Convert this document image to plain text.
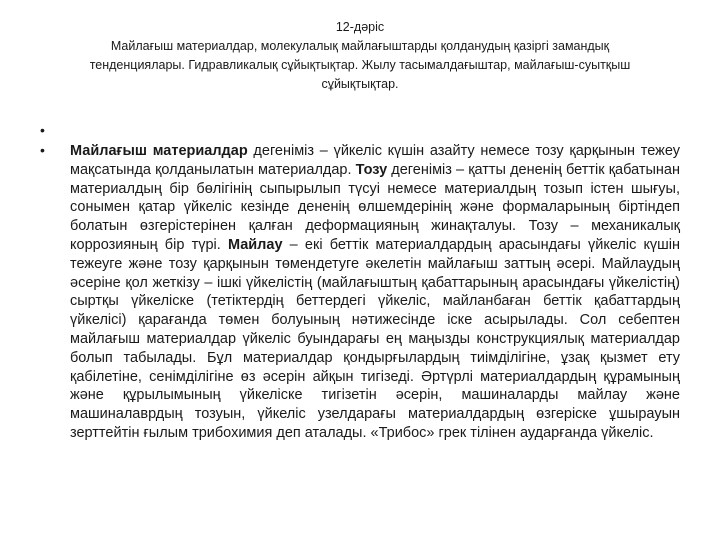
12-дәріс
Майлағыш материалдар, молекулалық майлағыштарды қолданудың қазіргі замандық
тенденциялары. Гидравликалық сұйықтықтар. Жылу тасымалдағыштар, майлағыш-суытқыш
сұйықтықтар.
•
• Майлағыш материалдар дегеніміз – үйкеліс күшін азайту немесе тозу қарқынын тежеу мақсатында қолданылатын материалдар. Тозу дегеніміз – қатты дененің беттік қабатынан материалдың бір бөлігінің сыпырылып түсуі немесе материалдың тозып істен шығуы, сонымен қатар үйкеліс кезінде дененің өлшемдерінің және формаларының біртіндеп болатын өзгерістерінен қалған деформацияның жинақталуы. Тозу – механикалық коррозияның бір түрі. Майлау – екі беттік материалдардың арасындағы үйкеліс күшін тежеуге және тозу қарқынын төмендетуге әкелетін майлағыш заттың әсері. Майлаудың әсеріне қол жеткізу – ішкі үйкелістің (майлағыштың қабаттарының арасындағы үйкелістің) сыртқы үйкеліске (тетіктердің беттердегі үйкеліс, майланбаған беттік қабаттардың үйкелісі) қарағанда төмен болуының нәтижесінде іске асырылады. Сол себептен майлағыш материалдар үйкеліс буындарағы ең маңызды конструкциялық материалдар болып табылады. Бұл материалдар қондырғылардың тиімділігіне, ұзақ қызмет ету қабілетіне, сенімділігіне өз әсерін айқын тигізеді. Әртүрлі материалдардың құрамының және құрылымының үйкеліске тигізетін әсерін, машиналарды майлау және машиналаврдың тозуын, үйкеліс узелдарағы материалдардың өзгеріске ұшырауын зерттейтін ғылым трибохимия деп аталады. «Трибос» грек тілінен аударғанда үйкеліс.
